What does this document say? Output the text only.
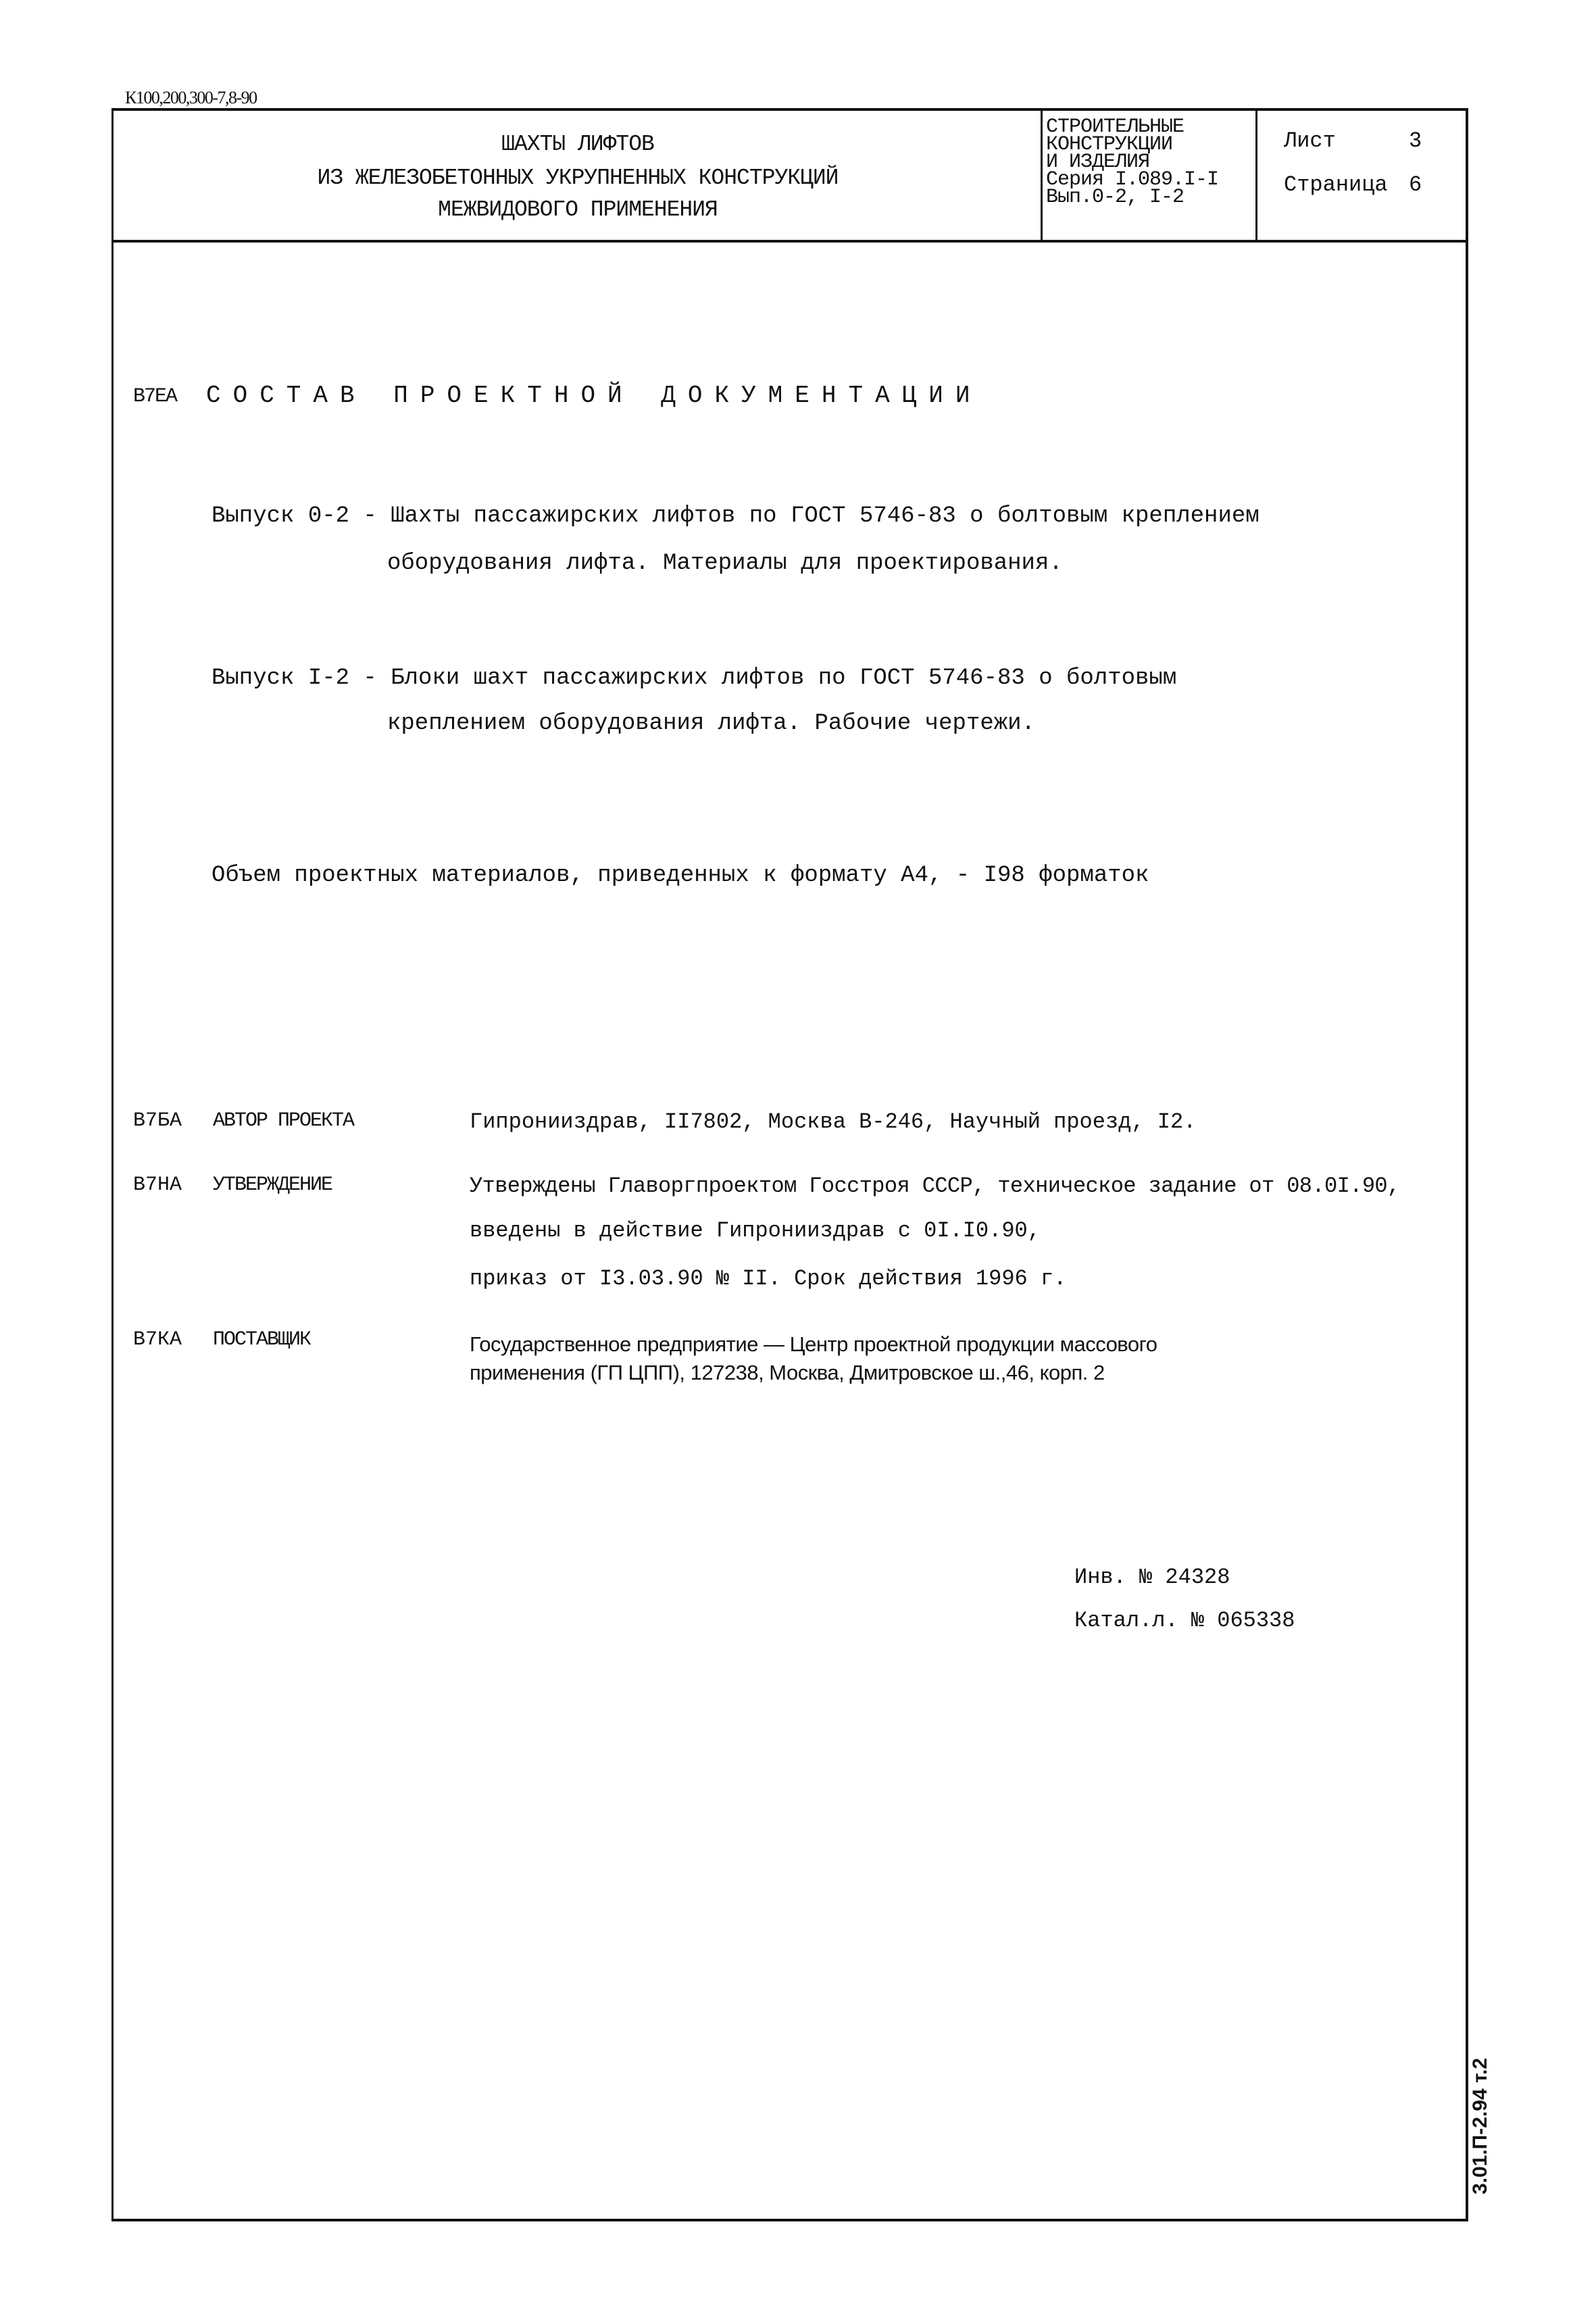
К100,200,300-7,8-90
ШАХТЫ ЛИФТОВ
ИЗ ЖЕЛЕЗОБЕТОННЫХ УКРУПНЕННЫХ КОНСТРУКЦИЙ
МЕЖВИДОВОГО ПРИМЕНЕНИЯ
СТРОИТЕЛЬНЫЕ
КОНСТРУКЦИИ
И ИЗДЕЛИЯ
Серия I.089.I-I
Вып.0-2, I-2
Лист	3
Страница 6
В7ЕА СОСТАВ ПРОЕКТНОЙ ДОКУМЕНТАЦИИ
Выпуск 0-2 - Шахты пассажирских лифтов по ГОСТ 5746-83 о болтовым креплением
оборудования лифта. Материалы для проектирования.
Выпуск I-2 - Блоки шахт пассажирских лифтов по ГОСТ 5746-83 о болтовым
креплением оборудования лифта. Рабочие чертежи.
Объем проектных материалов, приведенных к формату А4, - I98 форматок
В7БА АВТОР ПРОЕКТА	Гипронииздрав, II7802, Москва В-246, Научный проезд, I2.
В7НА УТВЕРЖДЕНИЕ	Утверждены Главоргпроектом Госстроя СССР, техническое задание от 08.0I.90,
введены в действие Гипронииздрав с 0I.I0.90,
приказ от I3.03.90 № II. Срок действия 1996 г.
В7КА ПОСТАВЩИК	Государственное предприятие — Центр проектной продукции массового
применения (ГП ЦПП), 127238, Москва, Дмитровское ш.,46, корп. 2
Инв. № 24328
Катал.л. № 065338
3.01.П-2.94 т.2
